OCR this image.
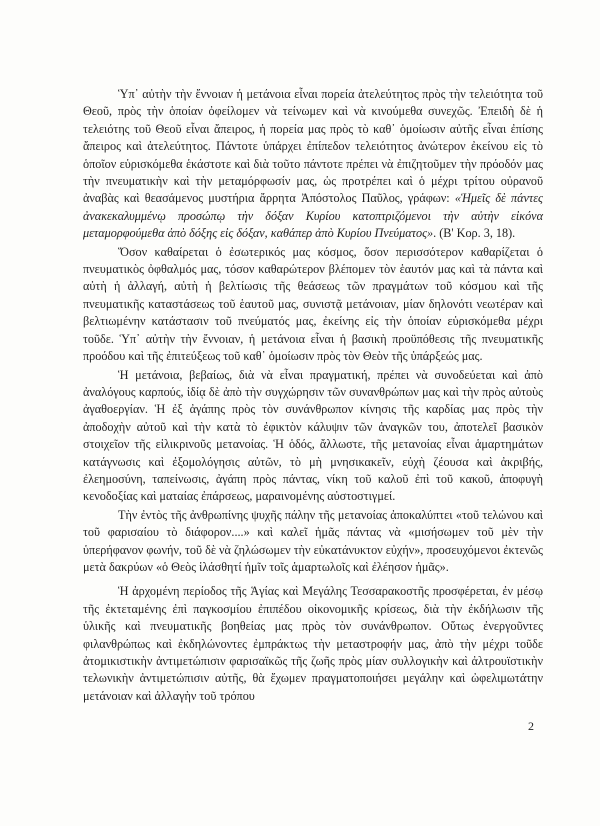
Ὑπ᾽ αὐτὴν τὴν ἔννοιαν ἡ μετάνοια εἶναι πορεία ἀτελεύτητος πρὸς τὴν τελειότητα τοῦ Θεοῦ, πρὸς τὴν ὁποίαν ὀφείλομεν νὰ τείνωμεν καὶ νὰ κινούμεθα συνεχῶς. Ἐπειδὴ δὲ ἡ τελειότης τοῦ Θεοῦ εἶναι ἄπειρος, ἡ πορεία μας πρὸς τὸ καθ᾽ ὁμοίωσιν αὐτῆς εἶναι ἐπίσης ἄπειρος καὶ ἀτελεύτητος. Πάντοτε ὑπάρχει ἐπίπεδον τελειότητος ἀνώτερον ἐκείνου εἰς τὸ ὁποῖον εὑρισκόμεθα ἑκάστοτε καὶ διὰ τοῦτο πάντοτε πρέπει νὰ ἐπιζητοῦμεν τὴν πρόοδόν μας τὴν πνευματικὴν καὶ τὴν μεταμόρφωσίν μας, ὡς προτρέπει καὶ ὁ μέχρι τρίτου οὐρανοῦ ἀναβὰς καὶ θεασάμενος μυστήρια ἄρρητα Ἀπόστολος Παῦλος, γράφων: «Ἡμεῖς δὲ πάντες ἀνακεκαλυμμένῳ προσώπῳ τὴν δόξαν Κυρίου κατοπτριζόμενοι τὴν αὐτὴν εἰκόνα μεταμορφούμεθα ἀπὸ δόξης εἰς δόξαν, καθάπερ ἀπὸ Κυρίου Πνεύματος». (Β' Κορ. 3, 18).

Ὅσον καθαίρεται ὁ ἐσωτερικός μας κόσμος, ὅσον περισσότερον καθαρίζεται ὁ πνευματικὸς ὀφθαλμός μας, τόσον καθαρώτερον βλέπομεν τὸν ἑαυτόν μας καὶ τὰ πάντα καὶ αὐτὴ ἡ ἀλλαγή, αὐτὴ ἡ βελτίωσις τῆς θεάσεως τῶν πραγμάτων τοῦ κόσμου καὶ τῆς πνευματικῆς καταστάσεως τοῦ ἑαυτοῦ μας, συνιστᾷ μετάνοιαν, μίαν δηλονότι νεωτέραν καὶ βελτιωμένην κατάστασιν τοῦ πνεύματός μας, ἐκείνης εἰς τὴν ὁποίαν εὑρισκόμεθα μέχρι τοῦδε. Ὑπ᾽ αὐτὴν τὴν ἔννοιαν, ἡ μετάνοια εἶναι ἡ βασικὴ προϋπόθεσις τῆς πνευματικῆς προόδου καὶ τῆς ἐπιτεύξεως τοῦ καθ᾽ ὁμοίωσιν πρὸς τὸν Θεὸν τῆς ὑπάρξεώς μας.

Ἡ μετάνοια, βεβαίως, διὰ νὰ εἶναι πραγματική, πρέπει νὰ συνοδεύεται καὶ ἀπὸ ἀναλόγους καρπούς, ἰδίᾳ δὲ ἀπὸ τὴν συγχώρησιν τῶν συνανθρώπων μας καὶ τὴν πρὸς αὐτοὺς ἀγαθοεργίαν. Ἡ ἐξ ἀγάπης πρὸς τὸν συνάνθρωπον κίνησις τῆς καρδίας μας πρὸς τὴν ἀποδοχὴν αὐτοῦ καὶ τὴν κατὰ τὸ ἐφικτὸν κάλυψιν τῶν ἀναγκῶν του, ἀποτελεῖ βασικὸν στοιχεῖον τῆς εἰλικρινοῦς μετανοίας. Ἡ ὁδός, ἄλλωστε, τῆς μετανοίας εἶναι ἁμαρτημάτων κατάγνωσις καὶ ἐξομολόγησις αὐτῶν, τὸ μὴ μνησικακεῖν, εὐχὴ ζέουσα καὶ ἀκριβής, ἐλεημοσύνη, ταπείνωσις, ἀγάπη πρὸς πάντας, νίκη τοῦ καλοῦ ἐπὶ τοῦ κακοῦ, ἀποφυγὴ κενοδοξίας καὶ ματαίας ἐπάρσεως, μαραινομένης αὐστοστιγμεί.

Τὴν ἐντὸς τῆς ἀνθρωπίνης ψυχῆς πάλην τῆς μετανοίας ἀποκαλύπτει «τοῦ τελώνου καὶ τοῦ φαρισαίου τὸ διάφορον....» καὶ καλεῖ ἡμᾶς πάντας νὰ «μισήσωμεν τοῦ μὲν τὴν ὑπερήφανον φωνήν, τοῦ δὲ νὰ ζηλώσωμεν τὴν εὐκατάνυκτον εὐχήν», προσευχόμενοι ἐκτενῶς μετὰ δακρύων «ὁ Θεὸς ἱλάσθητί ἡμῖν τοῖς ἁμαρτωλοῖς καὶ ἐλέησον ἡμᾶς».

Ἡ ἀρχομένη περίοδος τῆς Ἁγίας καὶ Μεγάλης Τεσσαρακοστῆς προσφέρεται, ἐν μέσῳ τῆς ἐκτεταμένης ἐπὶ παγκοσμίου ἐπιπέδου οἰκονομικῆς κρίσεως, διὰ τὴν ἐκδήλωσιν τῆς ὑλικῆς καὶ πνευματικῆς βοηθείας μας πρὸς τὸν συνάνθρωπον. Οὕτως ἐνεργοῦντες φιλανθρώπως καὶ ἐκδηλώνοντες ἐμπράκτως τὴν μεταστροφήν μας, ἀπὸ τὴν μέχρι τοῦδε ἀτομικιστικὴν ἀντιμετώπισιν φαρισαϊκῶς τῆς ζωῆς πρὸς μίαν συλλογικὴν καὶ ἀλτρουϊστικὴν τελωνικὴν ἀντιμετώπισιν αὐτῆς, θὰ ἔχωμεν πραγματοποιήσει μεγάλην καὶ ὠφελιμωτάτην μετάνοιαν καὶ ἀλλαγὴν τοῦ τρόπου

2
